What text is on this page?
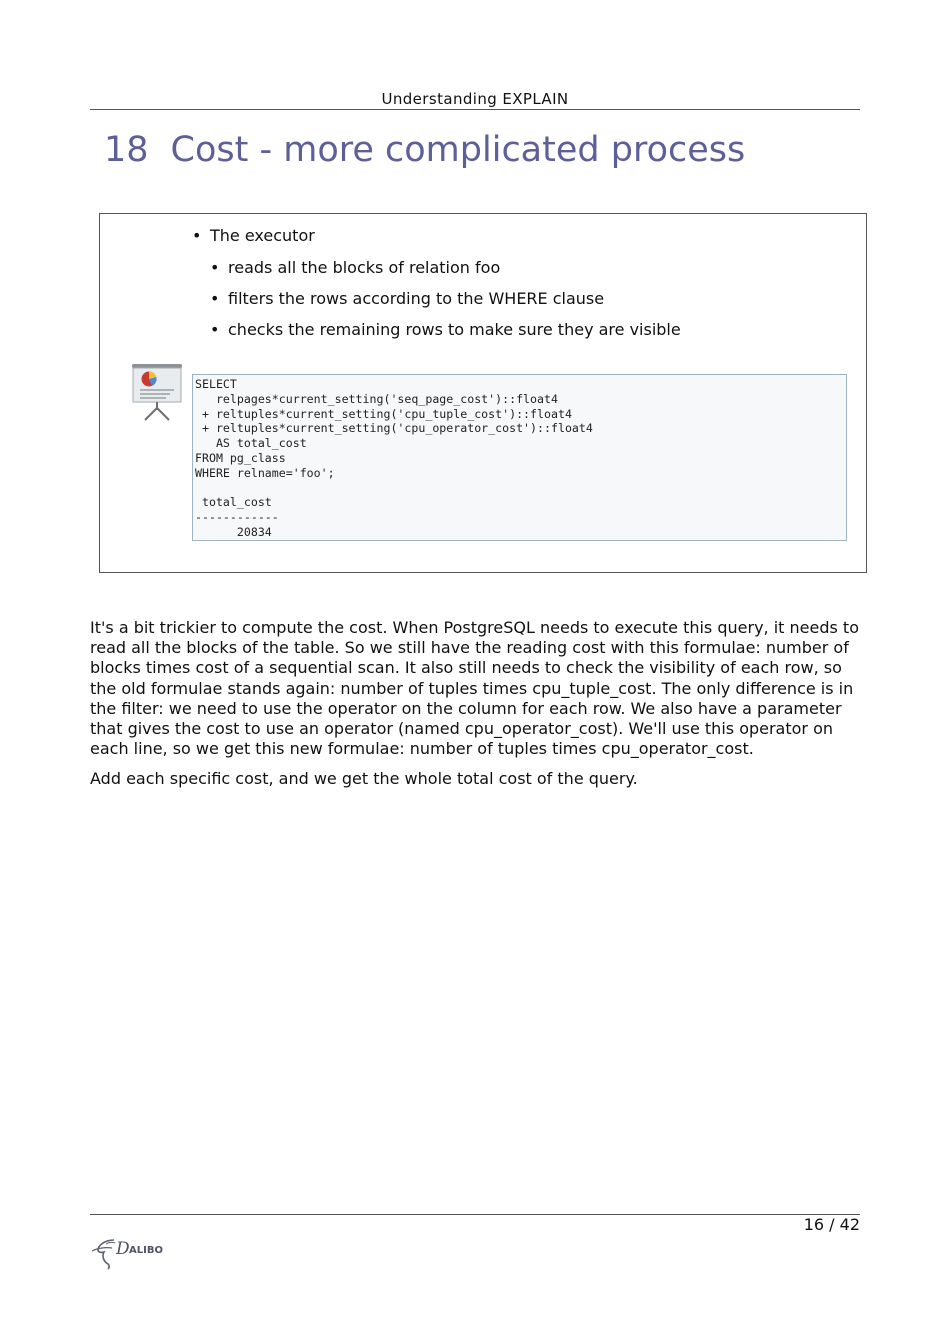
Understanding EXPLAIN
18 Cost - more complicated process
• The executor
• reads all the blocks of relation foo
• filters the rows according to the WHERE clause
• checks the remaining rows to make sure they are visible
SELECT
relpages*current_setting('seq_page_cost')::float4
+ reltuples*current_setting('cpu_tuple_cost')::float4
+ reltuples*current_setting('cpu_operator_cost')::float4
AS total_cost
FROM pg_class
WHERE relname='foo';

total_cost
------------
20834

It's a bit trickier to compute the cost. When PostgreSQL needs to execute this query, it needs to read all the blocks of the table. So we still have the reading cost with this formulae: number of blocks times cost of a sequential scan. It also still needs to check the visibility of each row, so the old formulae stands again: number of tuples times cpu_tuple_cost. The only difference is in the filter: we need to use the operator on the column for each row. We also have a parameter that gives the cost to use an operator (named cpu_operator_cost). We'll use this operator on each line, so we get this new formulae: number of tuples times cpu_operator_cost.

Add each specific cost, and we get the whole total cost of the query.

16 / 42
D ALIBO
